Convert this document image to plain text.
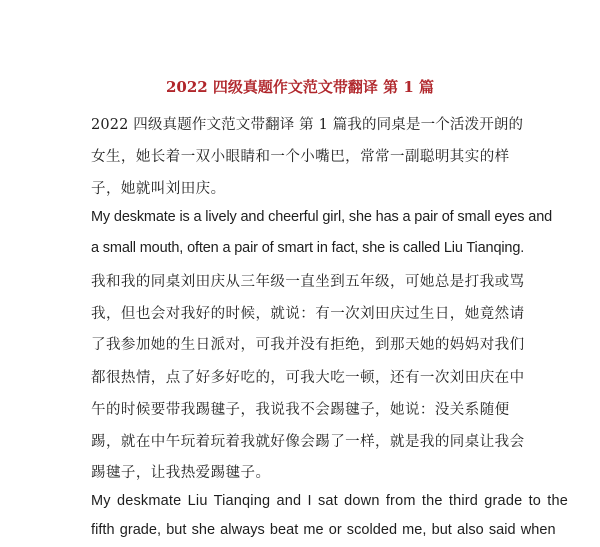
2022 四级真题作文范文带翻译 第 1 篇
2022 四级真题作文范文带翻译 第 1 篇我的同桌是一个活泼开朗的
女生，她长着一双小眼睛和一个小嘴巴，常常一副聪明其实的样
子，她就叫刘田庆。
My deskmate is a lively and cheerful girl, she has a pair of small eyes and
a small mouth, often a pair of smart in fact, she is called Liu Tianqing.
我和我的同桌刘田庆从三年级一直坐到五年级，可她总是打我或骂
我，但也会对我好的时候，就说：有一次刘田庆过生日，她竟然请
了我参加她的生日派对，可我并没有拒绝，到那天她的妈妈对我们
都很热情，点了好多好吃的，可我大吃一顿，还有一次刘田庆在中
午的时候要带我踢毽子，我说我不会踢毽子，她说：没关系随便
踢，就在中午玩着玩着我就好像会踢了一样，就是我的同桌让我会
踢毽子，让我热爱踢毽子。
My deskmate Liu Tianqing and I sat down from the third grade to the
fifth grade, but she always beat me or scolded me, but also said when
